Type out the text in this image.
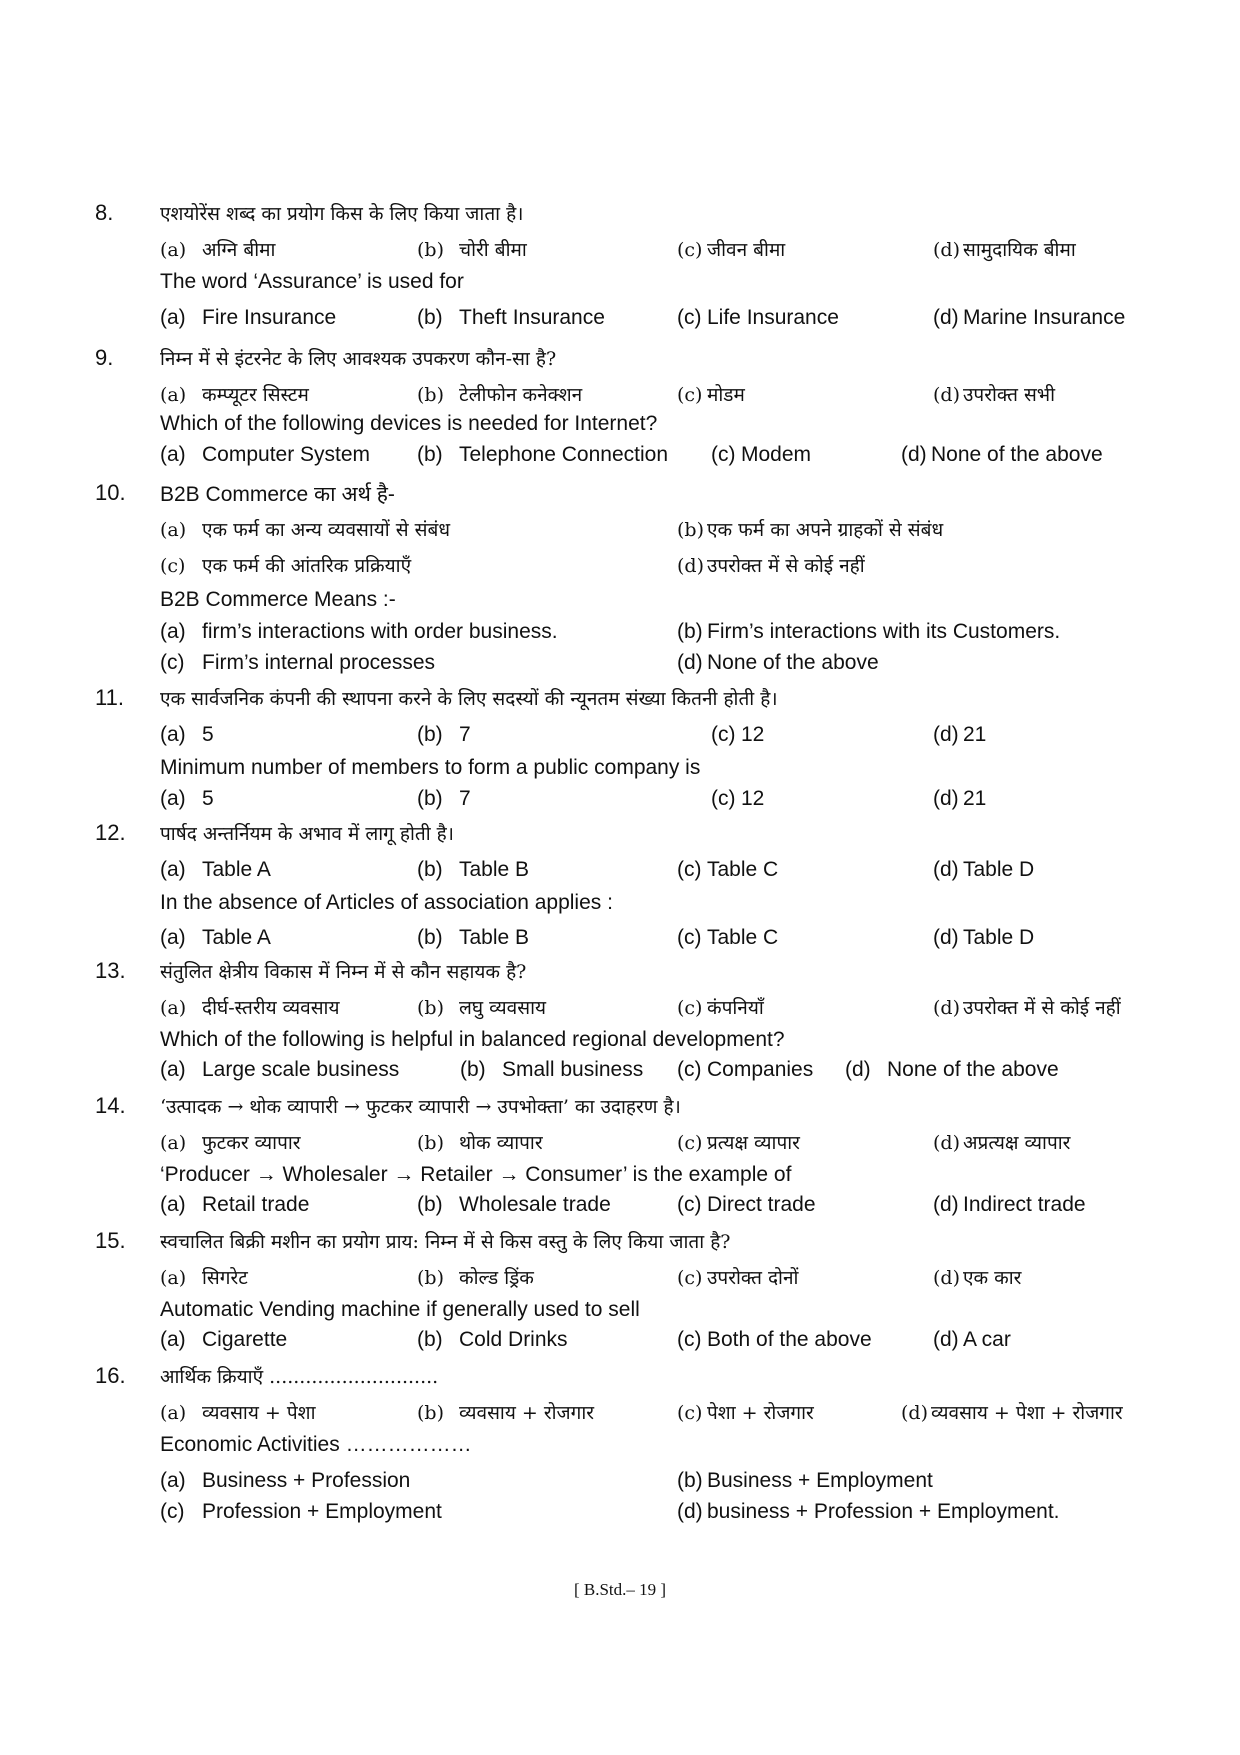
8. एशयोरेंस शब्द का प्रयोग किस के लिए किया जाता है।
(a) अग्नि बीमा	(b) चोरी बीमा	(c) जीवन बीमा	(d) सामुदायिक बीमा
The word ‘Assurance’ is used for
(a) Fire Insurance	(b) Theft Insurance	(c) Life Insurance	(d) Marine Insurance
9. निम्न में से इंटरनेट के लिए आवश्यक उपकरण कौन-सा है?
(a) कम्प्यूटर सिस्टम	(b) टेलीफोन कनेक्शन	(c) मोडम	(d) उपरोक्त सभी
Which of the following devices is needed for Internet?
(a) Computer System (b) Telephone Connection (c) Modem	(d) None of the above
10. B2B Commerce का अर्थ है-
(a) एक फर्म का अन्य व्यवसायों से संबंध	(b) एक फर्म का अपने ग्राहकों से संबंध
(c) एक फर्म की आंतरिक प्रक्रियाएँ	(d) उपरोक्त में से कोई नहीं
B2B Commerce Means :-
(a) firm’s interactions with order business.	(b) Firm’s interactions with its Customers.
(c) Firm’s internal processes	(d) None of the above
11. एक सार्वजनिक कंपनी की स्थापना करने के लिए सदस्यों की न्यूनतम संख्या कितनी होती है।
(a) 5	(b) 7	(c) 12	(d) 21
Minimum number of members to form a public company is
(a) 5	(b) 7	(c) 12	(d) 21
12. पार्षद अन्तर्नियम के अभाव में लागू होती है।
(a) Table A	(b) Table B	(c) Table C	(d) Table D
In the absence of Articles of association applies :
(a) Table A	(b) Table B	(c) Table C	(d) Table D
13. संतुलित क्षेत्रीय विकास में निम्न में से कौन सहायक है?
(a) दीर्घ-स्तरीय व्यवसाय	(b) लघु व्यवसाय	(c) कंपनियाँ	(d) उपरोक्त में से कोई नहीं
Which of the following is helpful in balanced regional development?
(a) Large scale business	(b) Small business (c) Companies (d) None of the above
14. ‘उत्पादक → थोक व्यापारी → फुटकर व्यापारी → उपभोक्ता’ का उदाहरण है।
(a) फुटकर व्यापार	(b) थोक व्यापार	(c) प्रत्यक्ष व्यापार	(d) अप्रत्यक्ष व्यापार
‘Producer → Wholesaler → Retailer → Consumer’ is the example of
(a) Retail trade	(b) Wholesale trade	(c) Direct trade	(d) Indirect trade
15. स्वचालित बिक्री मशीन का प्रयोग प्राय: निम्न में से किस वस्तु के लिए किया जाता है?
(a) सिगरेट	(b) कोल्ड ड्रिंक	(c) उपरोक्त दोनों	(d) एक कार
Automatic Vending machine if generally used to sell
(a) Cigarette	(b) Cold Drinks	(c) Both of the above	(d) A car
16. आर्थिक क्रियाएँ ............................
(a) व्यवसाय + पेशा	(b) व्यवसाय + रोजगार	(c) पेशा + रोजगार	(d) व्यवसाय + पेशा + रोजगार
Economic Activities ………………
(a) Business + Profession	(b) Business + Employment
(c) Profession + Employment	(d) business + Profession + Employment.
[ B.Std.– 19 ]
